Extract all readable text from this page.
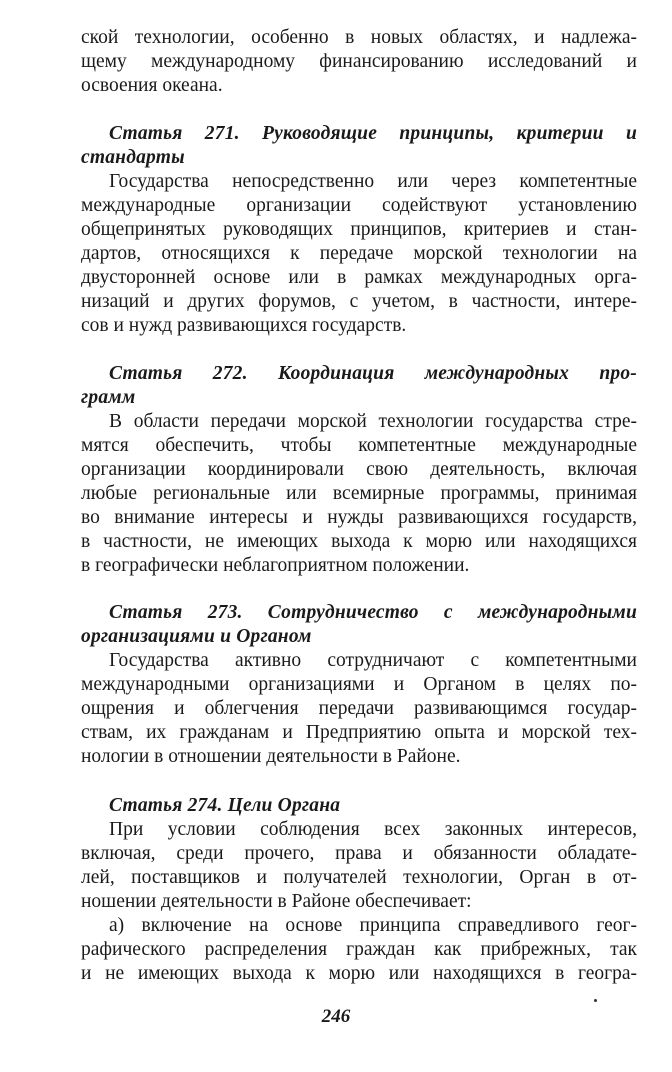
ской технологии, особенно в новых областях, и надлежа-
щему международному финансированию исследований и
освоения океана.
Статья 271. Руководящие принципы, критерии и
стандарты
Государства непосредственно или через компетентные
международные организации содействуют установлению
общепринятых руководящих принципов, критериев и стан-
дартов, относящихся к передаче морской технологии на
двусторонней основе или в рамках международных орга-
низаций и других форумов, с учетом, в частности, интере-
сов и нужд развивающихся государств.
Статья 272. Координация международных про-
грамм
В области передачи морской технологии государства стре-
мятся обеспечить, чтобы компетентные международные
организации координировали свою деятельность, включая
любые региональные или всемирные программы, принимая
во внимание интересы и нужды развивающихся государств,
в частности, не имеющих выхода к морю или находящихся
в географически неблагоприятном положении.
Статья 273. Сотрудничество с международными
организациями и Органом
Государства активно сотрудничают с компетентными
международными организациями и Органом в целях по-
ощрения и облегчения передачи развивающимся государ-
ствам, их гражданам и Предприятию опыта и морской тех-
нологии в отношении деятельности в Районе.
Статья 274. Цели Органа
При условии соблюдения всех законных интересов,
включая, среди прочего, права и обязанности обладате-
лей, поставщиков и получателей технологии, Орган в от-
ношении деятельности в Районе обеспечивает:
а) включение на основе принципа справедливого геог-
рафического распределения граждан как прибрежных, так
и не имеющих выхода к морю или находящихся в геогра-
246
